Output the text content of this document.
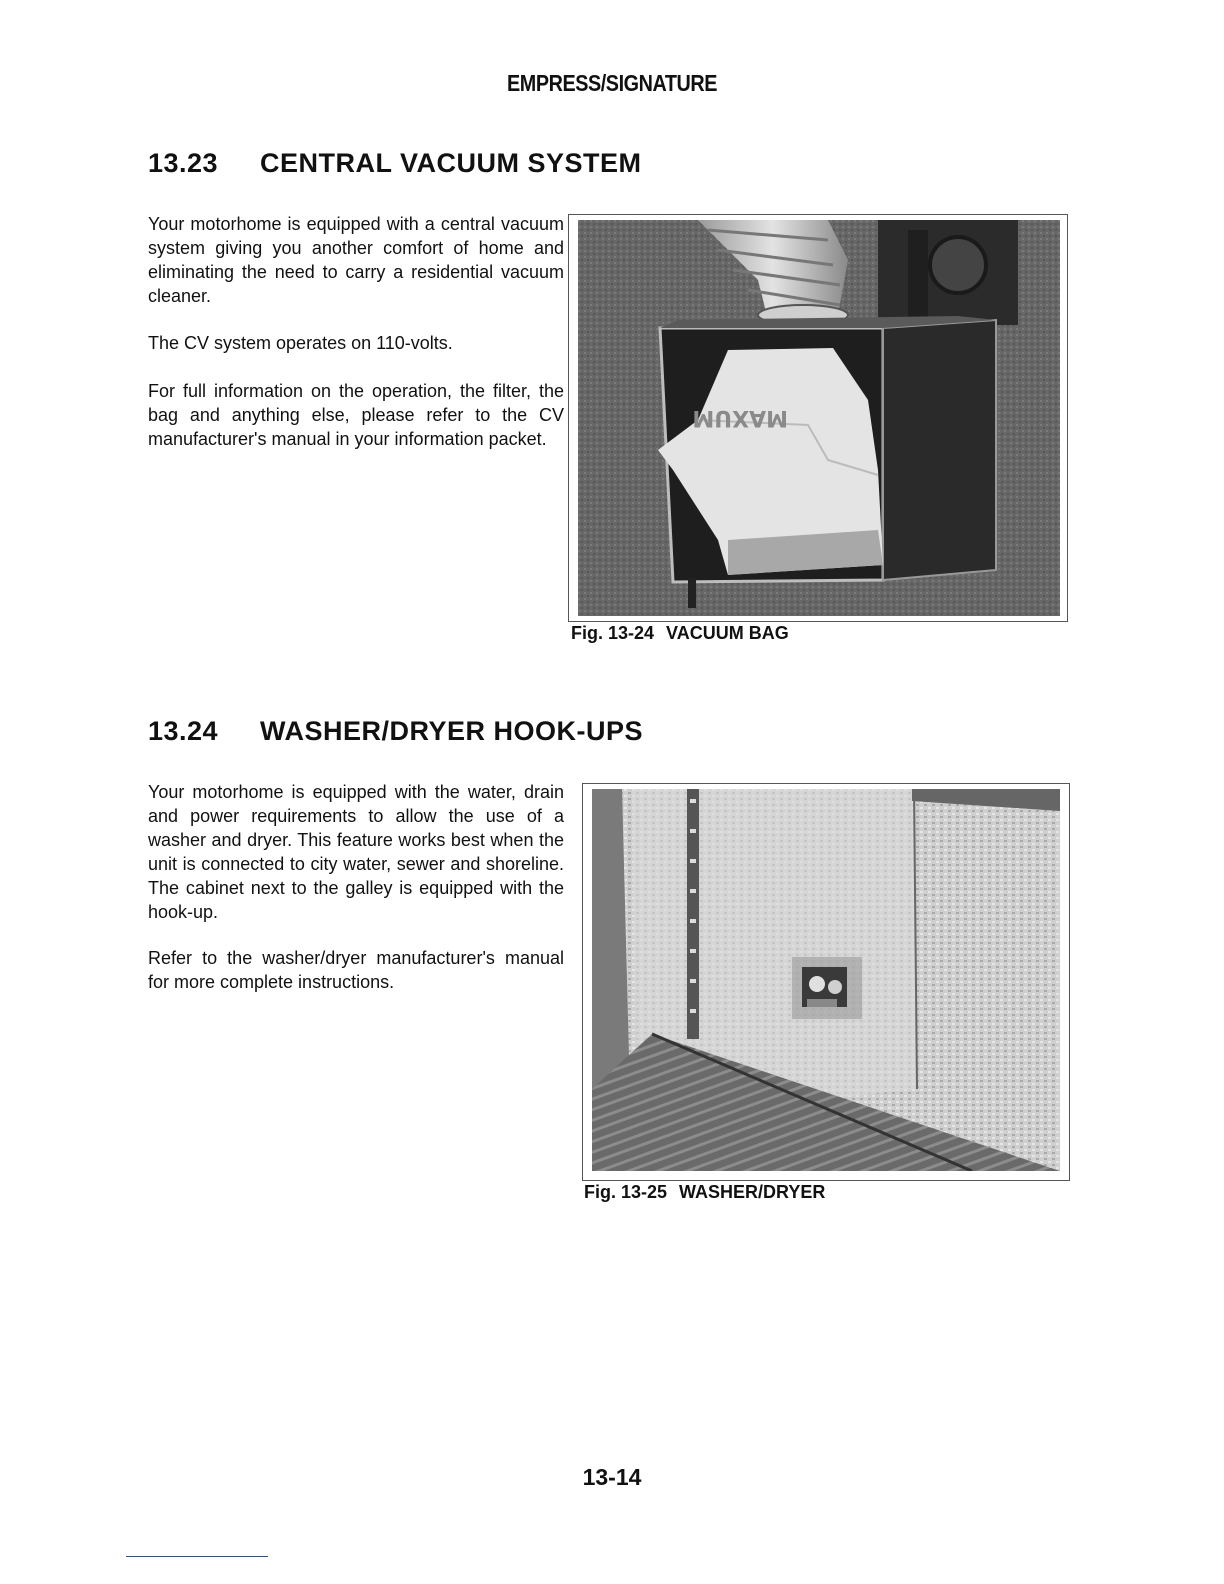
EMPRESS/SIGNATURE
13.23 CENTRAL VACUUM SYSTEM

Your motorhome is equipped with a central vacuum system giving you another comfort of home and eliminating the need to carry a residential vacuum cleaner.

The CV system operates on 110-volts.

For full information on the operation, the filter, the bag and anything else, please refer to the CV manufacturer's manual in your information packet.

MAXUM
Fig. 13-24 VACUUM BAG
13.24 WASHER/DRYER HOOK-UPS

Your motorhome is equipped with the water, drain and power requirements to allow the use of a washer and dryer. This feature works best when the unit is connected to city water, sewer and shoreline. The cabinet next to the galley is equipped with the hook-up.

Refer to the washer/dryer manufacturer's manual for more complete instructions.

Fig. 13-25 WASHER/DRYER
13-14
